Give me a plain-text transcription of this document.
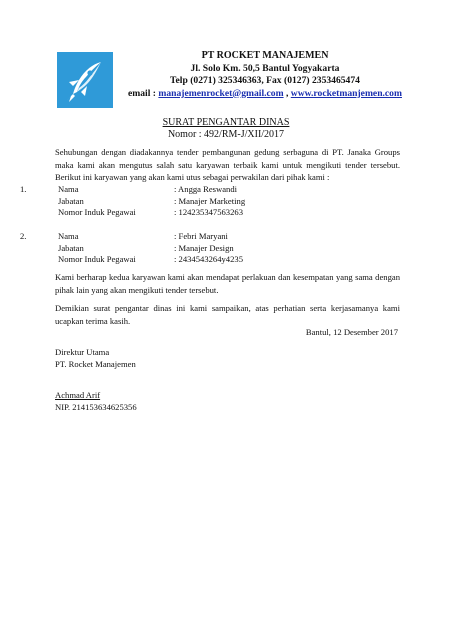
PT ROCKET MANAJEMEN
Jl. Solo Km. 50,5 Bantul Yogyakarta
Telp (0271) 325346363, Fax (0127) 2353465474
email : manajemenrocket@gmail.com , www.rocketmanjemen.com
SURAT PENGANTAR DINAS
Nomor : 492/RM-J/XII/2017
Sehubungan dengan diadakannya tender pembangunan gedung serbaguna di PT. Janaka Groups maka kami akan mengutus salah satu karyawan terbaik kami untuk mengikuti tender tersebut. Berikut ini karyawan yang akan kami utus sebagai perwakilan dari pihak kami :
1.	Nama	: Angga Reswandi
Jabatan	: Manajer Marketing
Nomor Induk Pegawai	: 124235347563263
2.	Nama	: Febri Maryani
Jabatan	: Manajer Design
Nomor Induk Pegawai	: 2434543264y4235
Kami berharap kedua karyawan kami akan mendapat perlakuan dan kesempatan yang sama dengan pihak lain yang akan mengikuti tender tersebut.
Demikian surat pengantar dinas ini kami sampaikan, atas perhatian serta kerjasamanya kami ucapkan terima kasih.
Bantul, 12 Desember 2017
Direktur Utama
PT. Rocket Manajemen
Achmad Arif
NIP. 214153634625356
